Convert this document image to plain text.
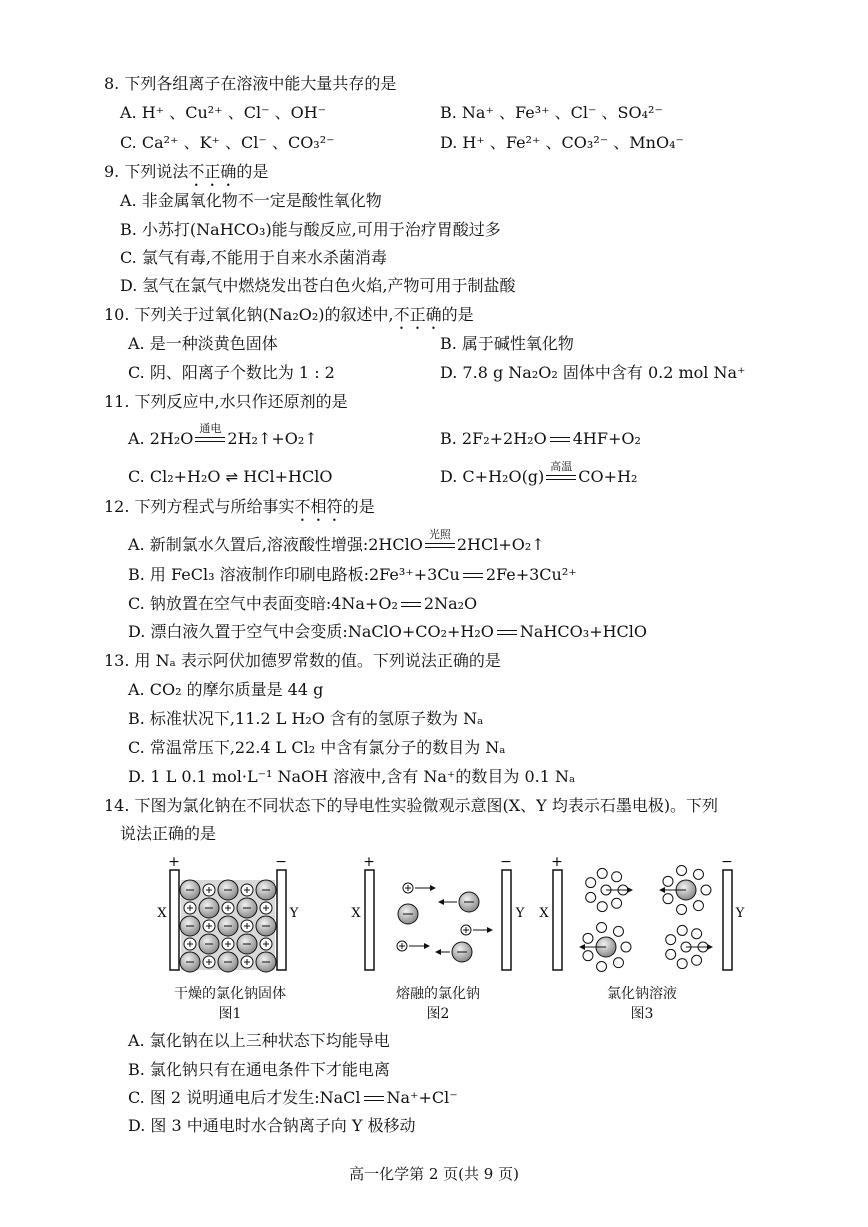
8. 下列各组离子在溶液中能大量共存的是
A. H⁺ 、Cu²⁺ 、Cl⁻ 、OH⁻	B. Na⁺ 、Fe³⁺ 、Cl⁻ 、SO₄²⁻
C. Ca²⁺ 、K⁺ 、Cl⁻ 、CO₃²⁻	D. H⁺ 、Fe²⁺ 、CO₃²⁻ 、MnO₄⁻
9. 下列说法不正确的是
A. 非金属氧化物不一定是酸性氧化物
B. 小苏打(NaHCO₃)能与酸反应,可用于治疗胃酸过多
C. 氯气有毒,不能用于自来水杀菌消毒
D. 氢气在氯气中燃烧发出苍白色火焰,产物可用于制盐酸
10. 下列关于过氧化钠(Na₂O₂)的叙述中,不正确的是
A. 是一种淡黄色固体	B. 属于碱性氧化物
C. 阴、阳离子个数比为 1 : 2	D. 7.8 g Na₂O₂ 固体中含有 0.2 mol Na⁺
11. 下列反应中,水只作还原剂的是
A. 2H₂O
通电
2H₂↑+O₂↑	B. 2F₂+2H₂O 4HF+O₂
C. Cl₂+H₂O ⇌ HCl+HClO	D. C+H₂O(g)
高温
CO+H₂
12. 下列方程式与所给事实不相符的是
A. 新制氯水久置后,溶液酸性增强:2HClO
光照
2HCl+O₂↑
B. 用 FeCl₃ 溶液制作印刷电路板:2Fe³⁺+3Cu 2Fe+3Cu²⁺
C. 钠放置在空气中表面变暗:4Na+O₂ 2Na₂O
D. 漂白液久置于空气中会变质:NaClO+CO₂+H₂O NaHCO₃+HClO
13. 用 Nₐ 表示阿伏加德罗常数的值。下列说法正确的是
A. CO₂ 的摩尔质量是 44 g
B. 标准状况下,11.2 L H₂O 含有的氢原子数为 Nₐ
C. 常温常压下,22.4 L Cl₂ 中含有氯分子的数目为 Nₐ
D. 1 L 0.1 mol·L⁻¹ NaOH 溶液中,含有 Na⁺的数目为 0.1 Nₐ
14. 下图为氯化钠在不同状态下的导电性实验微观示意图(X、Y 均表示石墨电极)。下列
说法正确的是
+	−
X	Y
+	−
X	Y
+	−
X	Y
干燥的氯化钠固体
图1
熔融的氯化钠
图2
氯化钠溶液
图3
A. 氯化钠在以上三种状态下均能导电
B. 氯化钠只有在通电条件下才能电离
C. 图 2 说明通电后才发生:NaCl Na⁺+Cl⁻
D. 图 3 中通电时水合钠离子向 Y 极移动
高一化学第 2 页(共 9 页)
